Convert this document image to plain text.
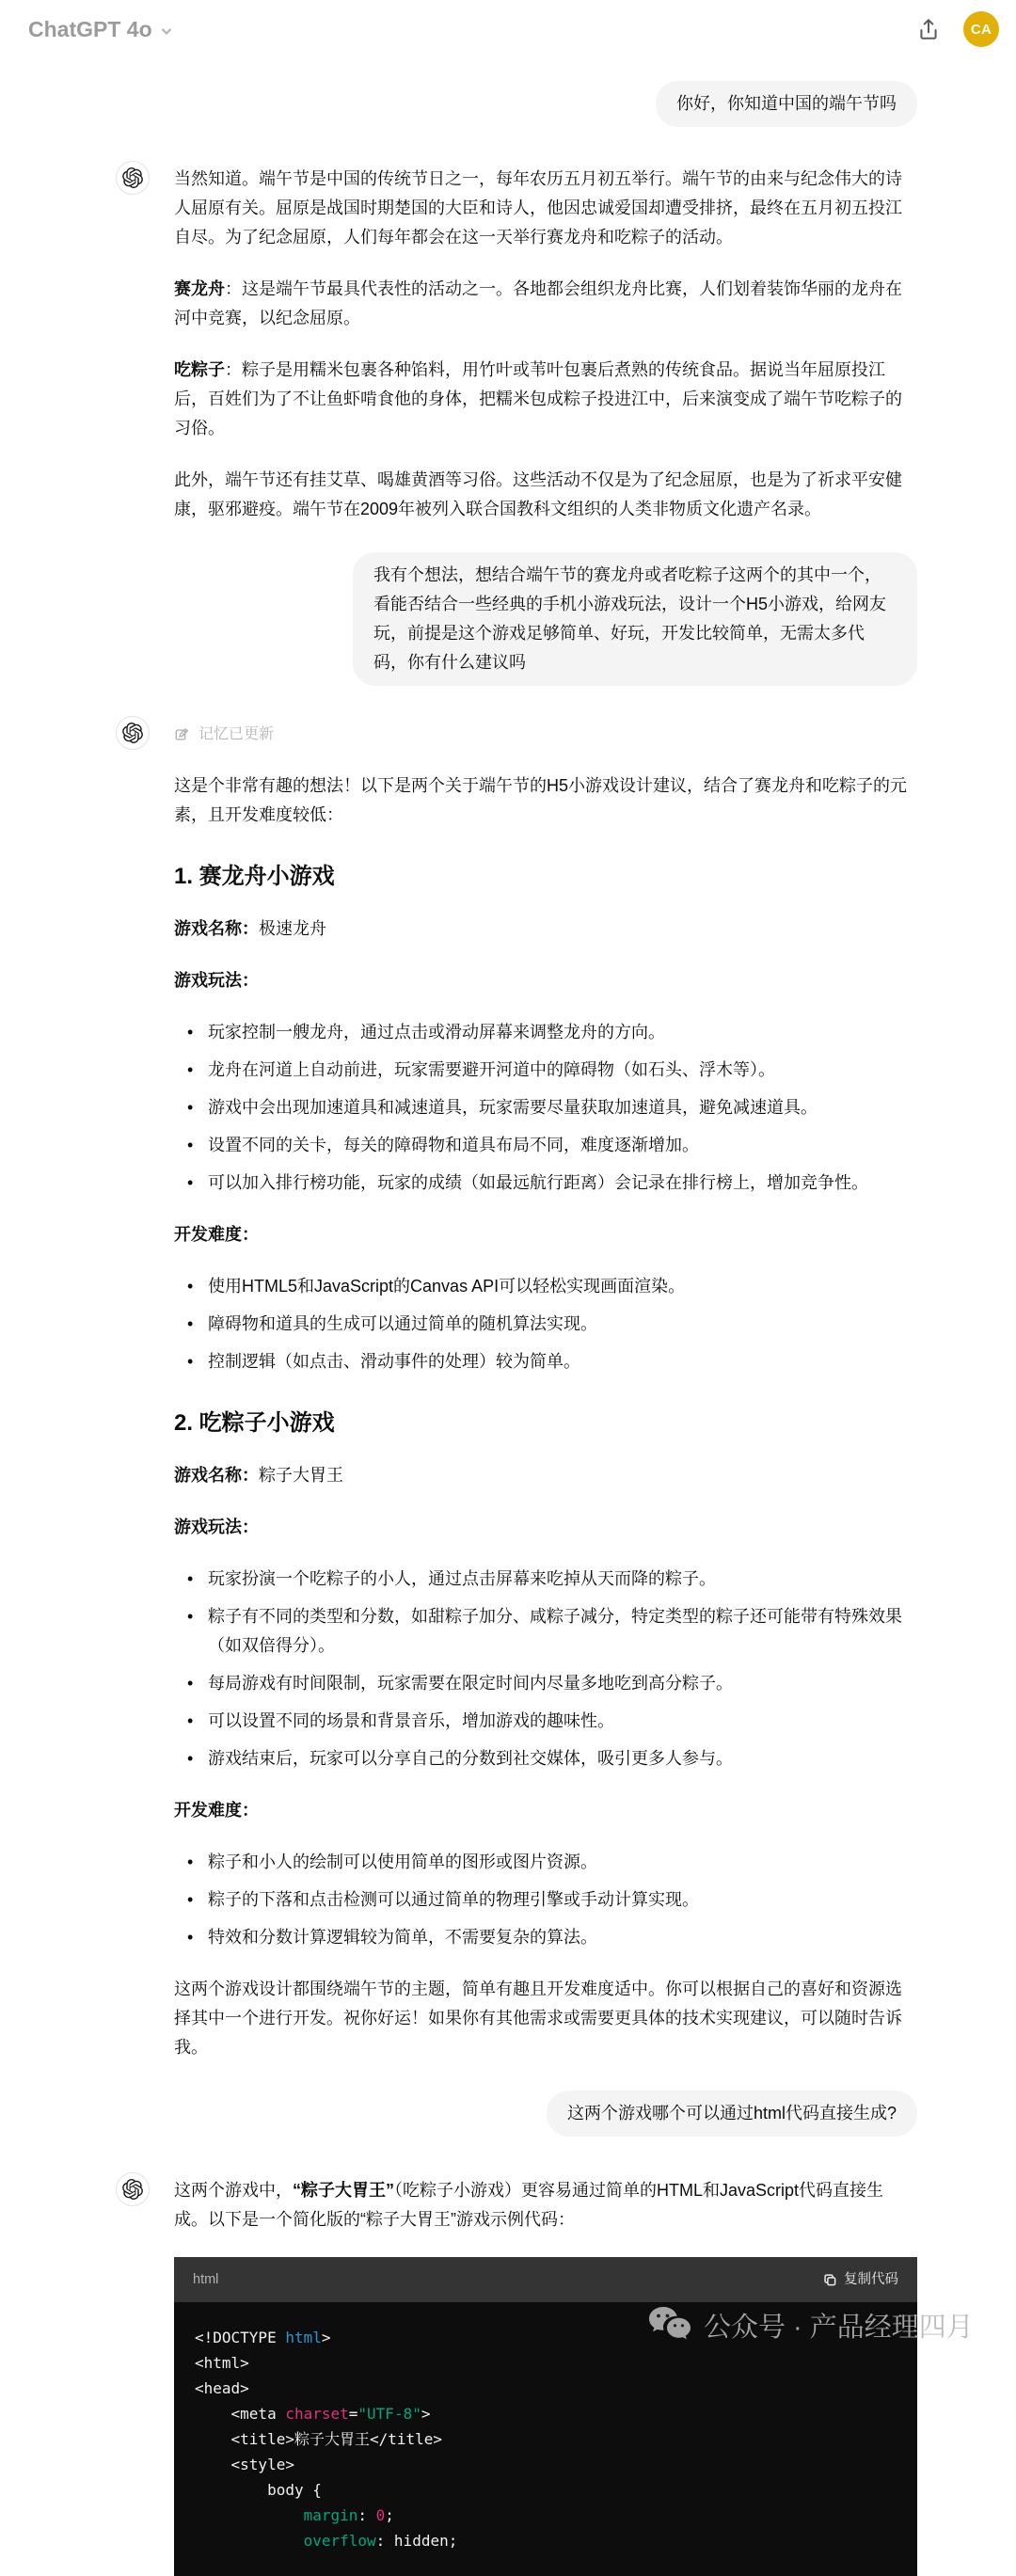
ChatGPT 4o	CA
你好，你知道中国的端午节吗

当然知道。端午节是中国的传统节日之一，每年农历五月初五举行。端午节的由来与纪念伟大的诗人屈原有关。屈原是战国时期楚国的大臣和诗人，他因忠诚爱国却遭受排挤，最终在五月初五投江自尽。为了纪念屈原，人们每年都会在这一天举行赛龙舟和吃粽子的活动。

赛龙舟：这是端午节最具代表性的活动之一。各地都会组织龙舟比赛，人们划着装饰华丽的龙舟在河中竞赛，以纪念屈原。

吃粽子：粽子是用糯米包裹各种馅料，用竹叶或苇叶包裹后煮熟的传统食品。据说当年屈原投江后，百姓们为了不让鱼虾啃食他的身体，把糯米包成粽子投进江中，后来演变成了端午节吃粽子的习俗。

此外，端午节还有挂艾草、喝雄黄酒等习俗。这些活动不仅是为了纪念屈原，也是为了祈求平安健康，驱邪避疫。端午节在2009年被列入联合国教科文组织的人类非物质文化遗产名录。

我有个想法，想结合端午节的赛龙舟或者吃粽子这两个的其中一个，看能否结合一些经典的手机小游戏玩法，设计一个H5小游戏，给网友玩，前提是这个游戏足够简单、好玩，开发比较简单，无需太多代码，你有什么建议吗
记忆已更新

这是个非常有趣的想法！以下是两个关于端午节的H5小游戏设计建议，结合了赛龙舟和吃粽子的元素，且开发难度较低：

1. 赛龙舟小游戏

游戏名称：极速龙舟

游戏玩法：

• 玩家控制一艘龙舟，通过点击或滑动屏幕来调整龙舟的方向。
• 龙舟在河道上自动前进，玩家需要避开河道中的障碍物（如石头、浮木等）。
• 游戏中会出现加速道具和减速道具，玩家需要尽量获取加速道具，避免减速道具。
• 设置不同的关卡，每关的障碍物和道具布局不同，难度逐渐增加。
• 可以加入排行榜功能，玩家的成绩（如最远航行距离）会记录在排行榜上，增加竞争性。

开发难度：

• 使用HTML5和JavaScript的Canvas API可以轻松实现画面渲染。
• 障碍物和道具的生成可以通过简单的随机算法实现。
• 控制逻辑（如点击、滑动事件的处理）较为简单。
2. 吃粽子小游戏

游戏名称：粽子大胃王

游戏玩法：

• 玩家扮演一个吃粽子的小人，通过点击屏幕来吃掉从天而降的粽子。
• 粽子有不同的类型和分数，如甜粽子加分、咸粽子减分，特定类型的粽子还可能带有特殊效果（如双倍得分）。
• 每局游戏有时间限制，玩家需要在限定时间内尽量多地吃到高分粽子。
• 可以设置不同的场景和背景音乐，增加游戏的趣味性。
• 游戏结束后，玩家可以分享自己的分数到社交媒体，吸引更多人参与。

开发难度：

• 粽子和小人的绘制可以使用简单的图形或图片资源。
• 粽子的下落和点击检测可以通过简单的物理引擎或手动计算实现。
• 特效和分数计算逻辑较为简单，不需要复杂的算法。

这两个游戏设计都围绕端午节的主题，简单有趣且开发难度适中。你可以根据自己的喜好和资源选择其中一个进行开发。祝你好运！如果你有其他需求或需要更具体的技术实现建议，可以随时告诉我。

这两个游戏哪个可以通过html代码直接生成?

这两个游戏中，“粽子大胃王”（吃粽子小游戏）更容易通过简单的HTML和JavaScript代码直接生成。以下是一个简化版的“粽子大胃王”游戏示例代码：

html	复制代码
<!DOCTYPE html>
<html>
<head>
<meta charset="UTF-8">
<title>粽子大胃王</title>
<style>
body {
margin: 0;
overflow: hidden;
公众号 · 产品经理四月
